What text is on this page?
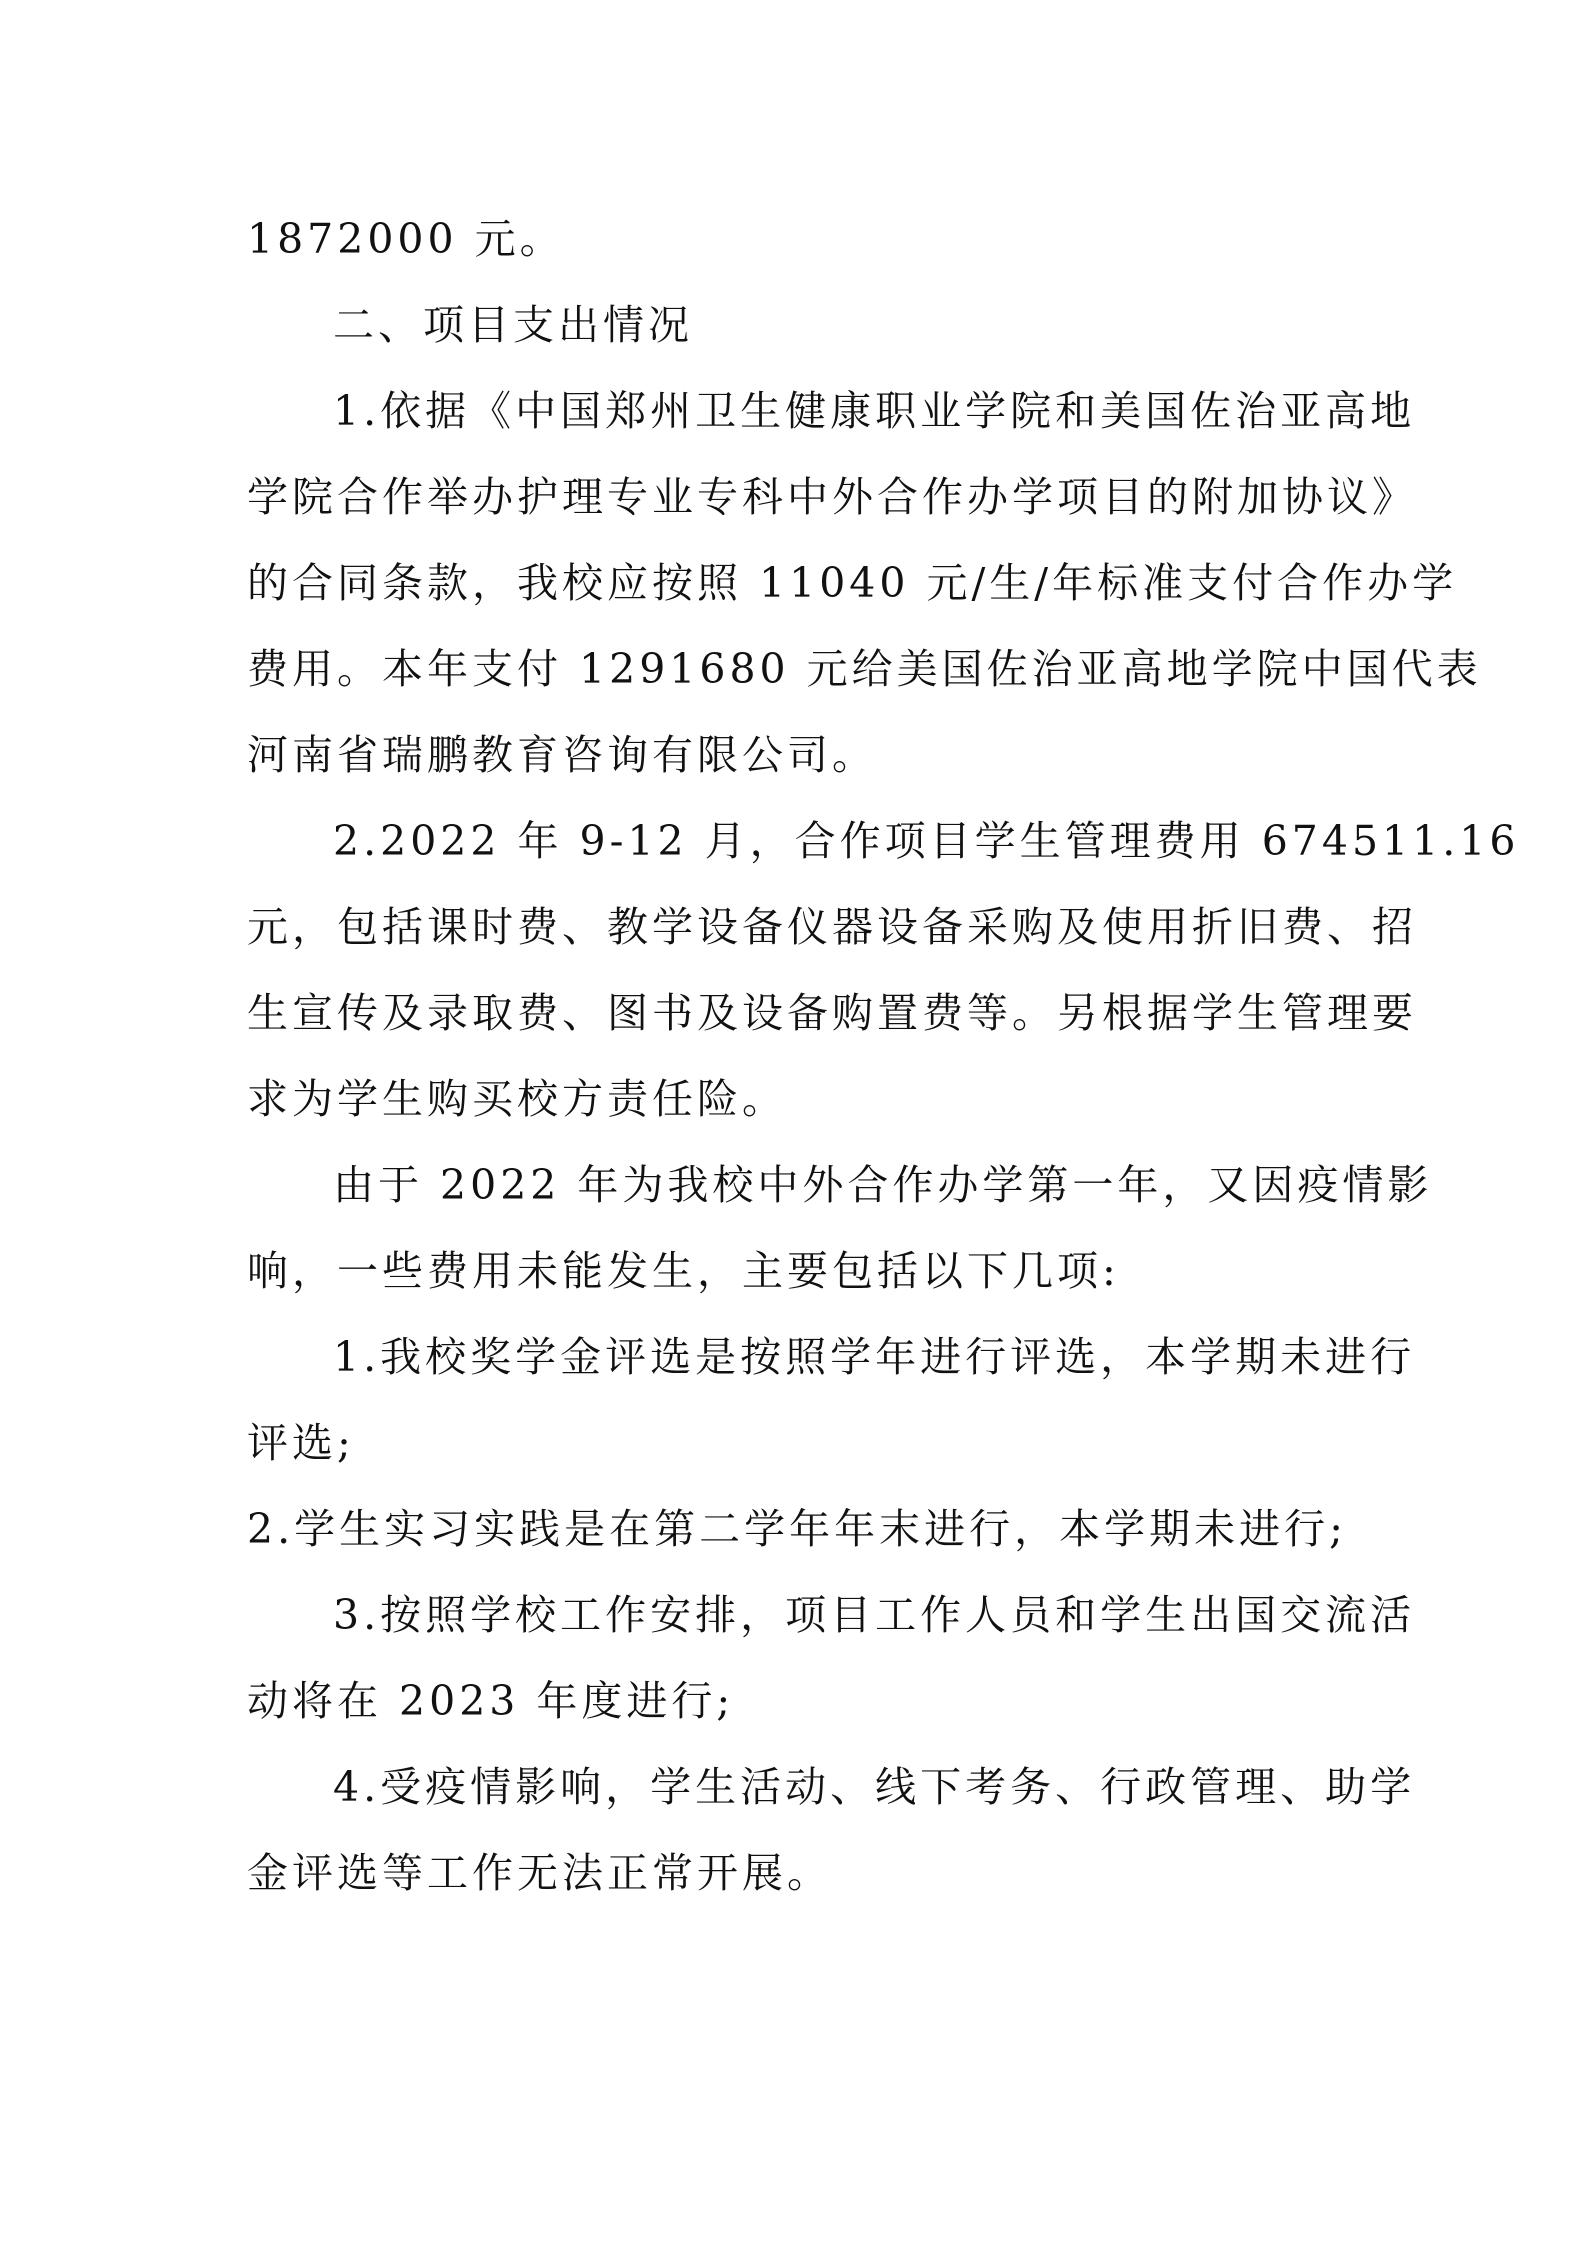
1872000 元。
二、项目支出情况
1.依据《中国郑州卫生健康职业学院和美国佐治亚高地
学院合作举办护理专业专科中外合作办学项目的附加协议》
的合同条款，我校应按照 11040 元/生/年标准支付合作办学
费用。本年支付 1291680 元给美国佐治亚高地学院中国代表
河南省瑞鹏教育咨询有限公司。
2.2022 年 9-12 月，合作项目学生管理费用 674511.16
元，包括课时费、教学设备仪器设备采购及使用折旧费、招
生宣传及录取费、图书及设备购置费等。另根据学生管理要
求为学生购买校方责任险。
由于 2022 年为我校中外合作办学第一年，又因疫情影
响，一些费用未能发生，主要包括以下几项:
1.我校奖学金评选是按照学年进行评选，本学期未进行
评选;
2.学生实习实践是在第二学年年末进行，本学期未进行;
3.按照学校工作安排，项目工作人员和学生出国交流活
动将在 2023 年度进行;
4.受疫情影响，学生活动、线下考务、行政管理、助学
金评选等工作无法正常开展。
